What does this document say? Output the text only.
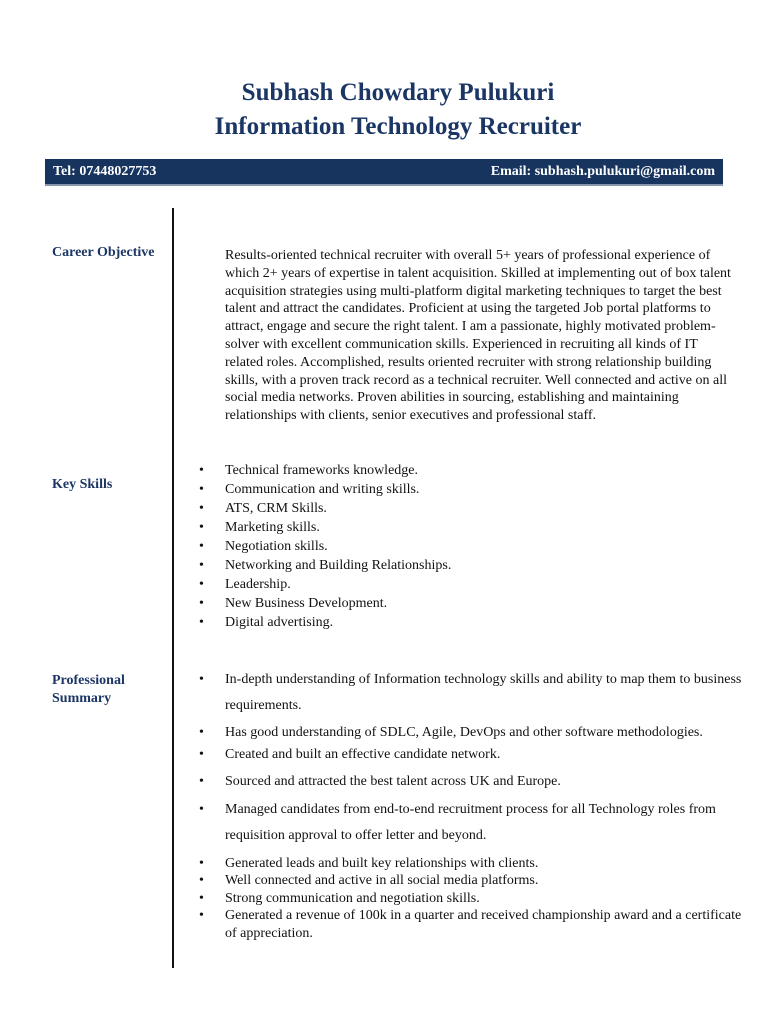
Subhash Chowdary Pulukuri
Information Technology Recruiter
Tel: 07448027753	Email: subhash.pulukuri@gmail.com
Career Objective	Results-oriented technical recruiter with overall 5+ years of professional experience of which 2+ years of expertise in talent acquisition. Skilled at implementing out of box talent acquisition strategies using multi-platform digital marketing techniques to target the best talent and attract the candidates. Proficient at using the targeted Job portal platforms to attract, engage and secure the right talent. I am a passionate, highly motivated problem-solver with excellent communication skills. Experienced in recruiting all kinds of IT related roles. Accomplished, results oriented recruiter with strong relationship building skills, with a proven track record as a technical recruiter. Well connected and active on all social media networks. Proven abilities in sourcing, establishing and maintaining relationships with clients, senior executives and professional staff.
Key Skills
• Technical frameworks knowledge.
• Communication and writing skills.
• ATS, CRM Skills.
• Marketing skills.
• Negotiation skills.
• Networking and Building Relationships.
• Leadership.
• New Business Development.
• Digital advertising.
Professional
Summary
• In-depth understanding of Information technology skills and ability to map them to business requirements.
• Has good understanding of SDLC, Agile, DevOps and other software methodologies.
• Created and built an effective candidate network.
• Sourced and attracted the best talent across UK and Europe.
• Managed candidates from end-to-end recruitment process for all Technology roles from requisition approval to offer letter and beyond.
• Generated leads and built key relationships with clients.
• Well connected and active in all social media platforms.
• Strong communication and negotiation skills.
• Generated a revenue of 100k in a quarter and received championship award and a certificate of appreciation.
